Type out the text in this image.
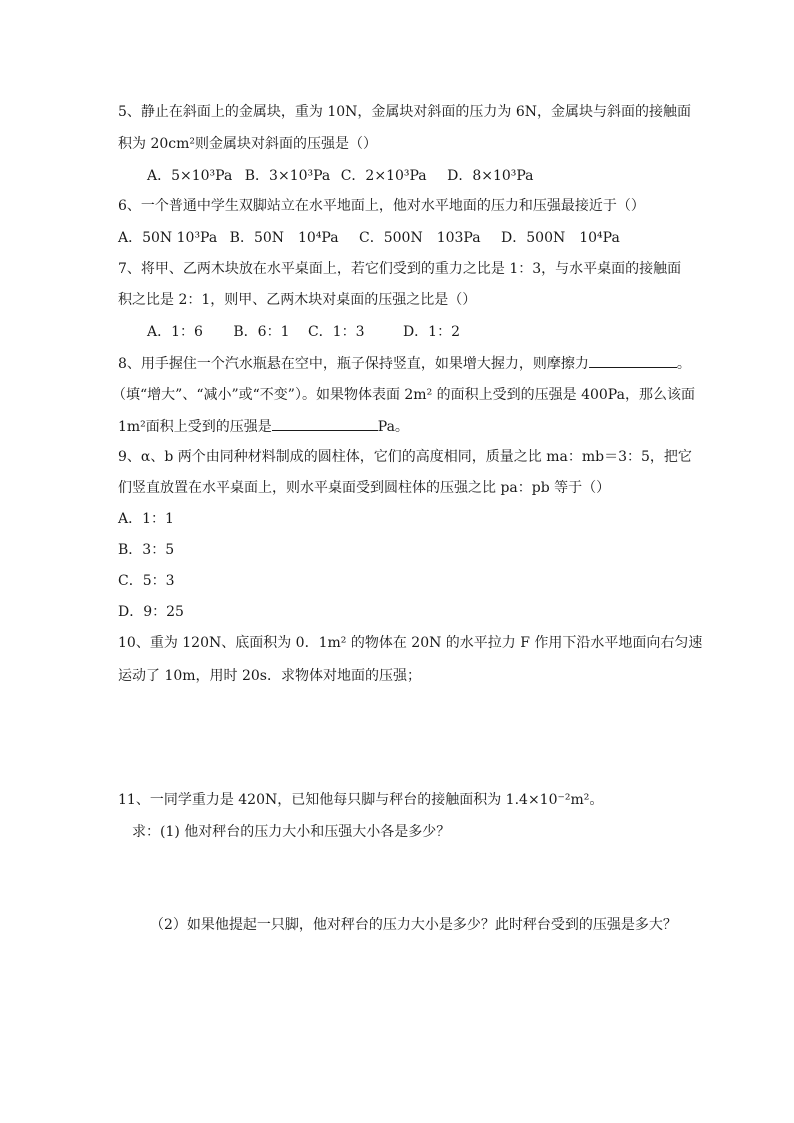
5、静止在斜面上的金属块，重为 10N，金属块对斜面的压力为 6N，金属块与斜面的接触面
积为 20cm²则金属块对斜面的压强是（）
A．5×10³Pa B．3×10³Pa C．2×10³Pa D．8×10³Pa
6、一个普通中学生双脚站立在水平地面上，他对水平地面的压力和压强最接近于（）
A．50N 10³Pa B．50N　10⁴Pa C．500N　103Pa D．500N　10⁴Pa
7、将甲、乙两木块放在水平桌面上，若它们受到的重力之比是 1：3，与水平桌面的接触面
积之比是 2：1，则甲、乙两木块对桌面的压强之比是（）
A．1：6 B．6：1 C．1：3	D．1：2
8、用手握住一个汽水瓶悬在空中，瓶子保持竖直，如果增大握力，则摩擦力	。
（填“增大”、“减小”或“不变”）。如果物体表面 2m² 的面积上受到的压强是 400Pa，那么该面
1m²面积上受到的压强是	Pa。
9、α、b 两个由同种材料制成的圆柱体，它们的高度相同，质量之比 ma：mb＝3：5，把它
们竖直放置在水平桌面上，则水平桌面受到圆柱体的压强之比 pa：pb 等于（）
A．1：1
B．3：5
C．5：3
D．9：25
10、重为 120N、底面积为 0．1m² 的物体在 20N 的水平拉力 F 作用下沿水平地面向右匀速
运动了 10m，用时 20s．求物体对地面的压强；
11、一同学重力是 420N，已知他每只脚与秤台的接触面积为 1.4×10⁻²m²。
求：(1) 他对秤台的压力大小和压强大小各是多少？
（2）如果他提起一只脚，他对秤台的压力大小是多少？此时秤台受到的压强是多大？
